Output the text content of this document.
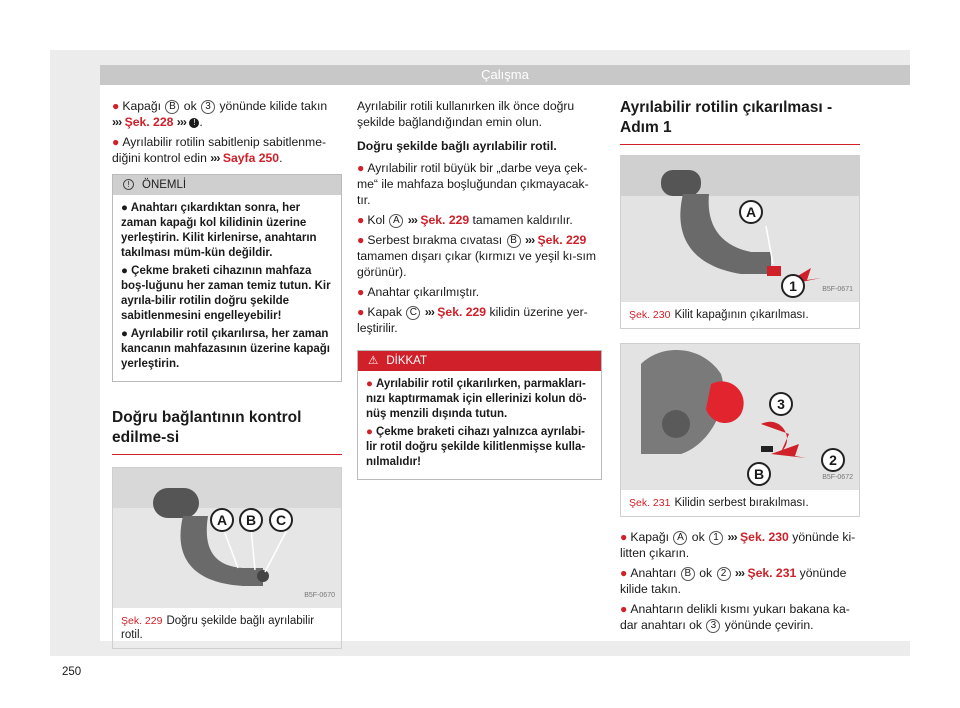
Çalışma

● Kapağı B ok 3 yönünde kilide takın
››› Şek. 228 ››› ! .

● Ayrılabilir rotilin sabitlenip sabitlenme-diğini kontrol edin ››› Sayfa 250.

! ÖNEMLİ

● Anahtarı çıkardıktan sonra, her zaman kapağı kol kilidinin üzerine yerleştirin. Kilit kirlenirse, anahtarın takılması müm-kün değildir.

● Çekme braketi cihazının mahfaza boş-luğunu her zaman temiz tutun. Kir ayrıla-bilir rotilin doğru şekilde sabitlenmesini engelleyebilir!

● Ayrılabilir rotil çıkarılırsa, her zaman kancanın mahfazasının üzerine kapağı yerleştirin.

Doğru bağlantının kontrol edilme-si
A	B	C
B5F-0670
Şek. 229 Doğru şekilde bağlı ayrılabilir rotil.

Ayrılabilir rotili kullanırken ilk önce doğru şekilde bağlandığından emin olun.

Doğru şekilde bağlı ayrılabilir rotil.

● Ayrılabilir rotil büyük bir „darbe veya çek-me“ ile mahfaza boşluğundan çıkmayacak-tır.

● Kol A ››› Şek. 229 tamamen kaldırılır.

● Serbest bırakma cıvatası B ››› Şek. 229 tamamen dışarı çıkar (kırmızı ve yeşil kı-sım görünür).

● Anahtar çıkarılmıştır.

● Kapak C ››› Şek. 229 kilidin üzerine yer-leştirilir.

⚠ DİKKAT

● Ayrılabilir rotil çıkarılırken, parmakları-nızı kaptırmamak için ellerinizi kolun dö-nüş menzili dışında tutun.

● Çekme braketi cihazı yalnızca ayrılabi-lir rotil doğru şekilde kilitlenmişse kulla-nılmalıdır!

Ayrılabilir rotilin çıkarılması - Adım 1
A
1	B5F-0671
Şek. 230 Kilit kapağının çıkarılması.
3
2
B	B5F-0672
Şek. 231 Kilidin serbest bırakılması.

● Kapağı A ok 1 ››› Şek. 230 yönünde ki-litten çıkarın.

● Anahtarı B ok 2 ››› Şek. 231 yönünde kilide takın.

● Anahtarın delikli kısmı yukarı bakana ka-dar anahtarı ok 3 yönünde çevirin.

250
